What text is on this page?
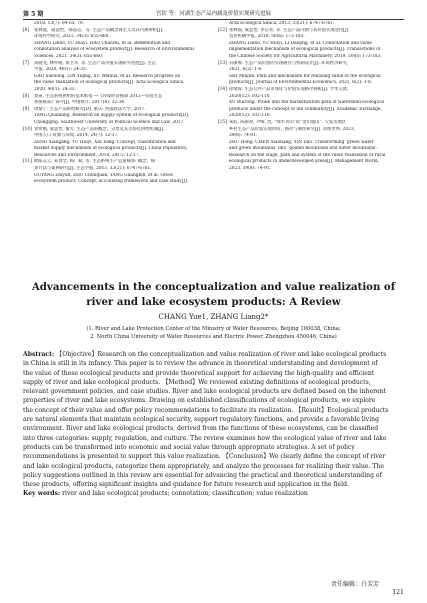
第 5 期	宫钦 等：河湖生态产品内涵及价值实现研究进展
2018, 13(7): 64-65, 79.
[6]	张林波，虞慧怡，郝超志，等. 生态产品概念再定义及其内涵辨析[J].
环境科学研究, 2021, 34(3): 655-660.
ZHANG Linbo, YU Huiyi, HAO Chaozhi, et al. Redefinition and
connotation analysis of ecosystem product[J]. Research of Environmental
Sciences, 2021, 34(3): 655-660.
[7]	高晓龙, 林亦晴, 徐卫华, 等. 生态产品价值实现研究进展[J]. 生态
学报, 2020, 40(1): 24-33.
GAO Xiaolong, LIN Yiqing, XU Weihua, et al. Research progress on
the value realization of ecological products[J]. Acta Ecologica Sinica,
2020, 40(1): 24-33.
[8]	刘寅. 生态系统供给的基本框架 —《环境经济核算 2012—实验生态
系统核算》简介[J]. 中国统计, 2017(4): 32-34.
[9]	唐黎宁. 生态产品供给研究[D]. 重庆: 西南政法大学, 2017.
TANG Quanning. Research on supply system of ecological products[D].
Chongqing: Southwest University of Political Science and Law, 2017.
[10] 曾贤刚, 虞慧怡, 谢芳. 生态产品的概念、分类及其市场化供给机制[J].
中国人口·资源与环境, 2014, 24(7): 12-17.
ZENG Xiangang, YU Huiyi, XIE Fang. Concept, classification and
market supply mechanism of ecological products[J]. China Population,
Resources and Environment, 2014, 24(7): 12-17.
[11] 欧阳志云, 朱春全, 杨广斌, 等. 生态系统生产总值核算: 概念、核
算方法与案例研究[J]. 生态学报, 2013, 33(21): 6747-6761.
OUYANG Zhiyun, ZHU Chunquan, YANG Guangbin, et al. Gross
ecosystem product: Concept, accounting framework and case study[J].
Acta Ecologica Sinica, 2013, 33(21): 6747-6761.
[12] 张林波, 虞慧怡, 李岱青, 等. 生态产品内涵与其价值实现途径[J].
农业机械学报, 2019, 50(6): 173-183.
ZHANG Linbo, YU Huiyi, LI Daiqing, et al. Connotation and value
implementation mechanism of ecological products[J]. Transactions of
the Chinese Society for Agricultural Machinery, 2019, 50(6): 173-183.
[13] 石敏俊. 生态产品价值的实现路径与机制设计[J]. 环境经济研究,
2021, 6(2): 1-6.
SHI Minjun. Path and mechanism for realizing value of the ecological
products[J]. Journal of Environmental Economics, 2021, 6(2): 1-6.
[14] 徐瑞蓉. 生态公共产品市场化与价值实现路径探析[J]. 学术交流,
2020(12): 102-110.
XU Ruirong. Probe into the marketization path of watershed ecological
products under the concept of life community[J]. Academic Exchange,
2020(12): 102-110.
[15] 朱虹, 陈硕亮, 尹晞, 沈. “绿水青山”转“金山银山”: 欠发达地区
乡村生态产品价值实现阶段、路径与制度研究[J]. 管理世界, 2023,
39(8): 74-91.
ZHU Hong, CHEN Xiaohang, YIN Dao. Transforming ‘green water
and green mountains’ into ‘golden mountains and silver mountains’:
Research on the stage, path and system of the value realization of rural
ecological products in underdeveloped areas[J]. Management World,
2023, 39(8): 74-91.
Advancements in the conceptualization and value realization of
river and lake ecosystem products: A Review
CHANG Yue1, ZHANG Liang2*
(1. River and Lake Protection Center of the Ministry of Water Resources, Beijing 100038, China;
2. North China University of Water Resources and Electric Power, Zhengzhou 450046, China)
Abstract: 【Objective】Research on the conceptualization and value realization of river and lake ecological products
in China is still in its infancy. This paper is to review the advance in theoretical understanding and development of
the value of these ecological products and provide theoretical support for achieving the high-quality and efficient
supply of river and lake ecological products. 【Method】We reviewed existing definitions of ecological products,
relevant government policies, and case studies. River and lake ecological products are defined based on the inherent
properties of river and lake ecosystems. Drawing on established classifications of ecological products, we explore
the concept of their value and offer policy recommendations to facilitate its realization. 【Result】Ecological products
are natural elements that maintain ecological security, support regulatory functions, and provide a favorable living
environment. River and lake ecological products, derived from the functions of these ecosystems, can be classified
into three categories: supply, regulation, and culture. The review examines how the ecological value of river and lake
products can be transformed into economic and social value through appropriate strategies. A set of policy
recommendations is presented to support this value realization. 【Conclusion】We clearly define the concept of river
and lake ecological products, categorize them appropriately, and analyze the processes for realizing their value. The
policy suggestions outlined in this review are essential for advancing the practical and theoretical understanding of
these products, offering significant insights and guidance for future research and application in the field.
Key words: river and lake ecological products; connotation; classification; value realization
责任编辑：白芳芳
121
